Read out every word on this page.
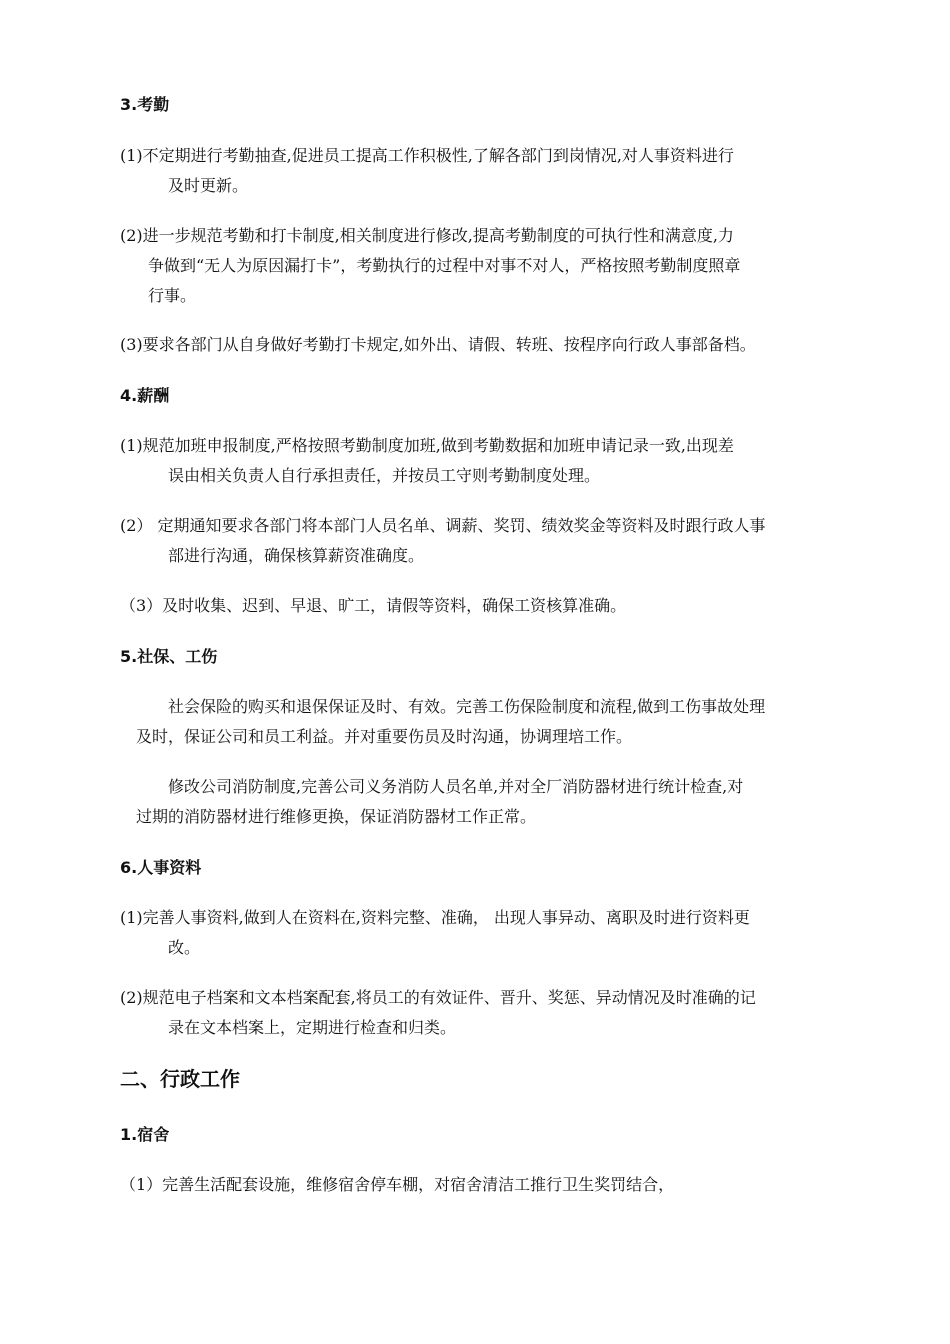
3.考勤
(1)不定期进行考勤抽查,促进员工提高工作积极性,了解各部门到岗情况,对人事资料进行
及时更新。
(2)进一步规范考勤和打卡制度,相关制度进行修改,提高考勤制度的可执行性和满意度,力
争做到“无人为原因漏打卡”，考勤执行的过程中对事不对人，严格按照考勤制度照章
行事。
(3)要求各部门从自身做好考勤打卡规定,如外出、请假、转班、按程序向行政人事部备档。
4.薪酬
(1)规范加班申报制度,严格按照考勤制度加班,做到考勤数据和加班申请记录一致,出现差
误由相关负责人自行承担责任，并按员工守则考勤制度处理。
(2） 定期通知要求各部门将本部门人员名单、调薪、奖罚、绩效奖金等资料及时跟行政人事
部进行沟通，确保核算薪资准确度。
（3）及时收集、迟到、早退、旷工，请假等资料，确保工资核算准确。
5.社保、工伤
社会保险的购买和退保保证及时、有效。完善工伤保险制度和流程,做到工伤事故处理
及时，保证公司和员工利益。并对重要伤员及时沟通，协调理培工作。
修改公司消防制度,完善公司义务消防人员名单,并对全厂消防器材进行统计检查,对
过期的消防器材进行维修更换，保证消防器材工作正常。
6.人事资料
(1)完善人事资料,做到人在资料在,资料完整、准确， 出现人事异动、离职及时进行资料更
改。
(2)规范电子档案和文本档案配套,将员工的有效证件、晋升、奖惩、异动情况及时准确的记
录在文本档案上，定期进行检查和归类。
二、行政工作
1.宿舍
（1）完善生活配套设施，维修宿舍停车棚，对宿舍清洁工推行卫生奖罚结合，
